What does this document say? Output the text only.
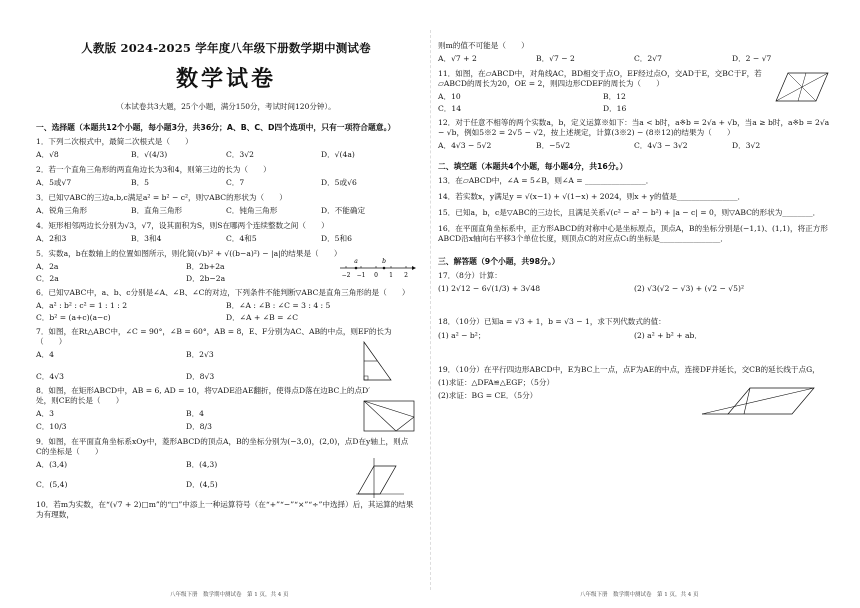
人教版 2024-2025 学年度八年级下册数学期中测试卷
数学试卷
（本试卷共3大题，25个小题，满分150分，考试时间120分钟）。
一、选择题（本题共12个小题，每小题3分，共36分；A、B、C、D四个选项中，只有一项符合题意。）
1．下列二次根式中，最简二次根式是（　　）
A．√8	B．√(4/3)	C．3√2	D．√(4a)
2．若一个直角三角形的两直角边长为3和4，则第三边的长为（　　）
A．5或√7	B．5	C．7	D．5或√6
3．已知▽ABC的三边a,b,c满足a² = b² − c²，则▽ABC的形状为（　　）
A．锐角三角形	B．直角三角形	C．钝角三角形	D．不能确定
4．矩形相邻两边长分别为√3，√7，设其面积为S，则S在哪两个连续整数之间（　　）
A．2和3	B．3和4	C．4和5	D．5和6
5．实数a，b在数轴上的位置如图所示，则化简(√b)² + √((b−a)²) − |a|的结果是（　　）
A．2a	B．2b+2a
C．2a	D．2b−2a	−2 −1 0 1 2
a	b
6．已知▽ABC中，a、b、c分别是∠A、∠B、∠C的对边，下列条件不能判断▽ABC是直角三角形的是（　　）
A．a² : b² : c² = 1 : 1 : 2	B．∠A : ∠B : ∠C = 3 : 4 : 5
C．b² = (a+c)(a−c)	D．∠A + ∠B = ∠C
7．如图，在Rt△ABC中，∠C = 90°，∠B = 60°，AB = 8，E、F分别为AC、AB的中点，则EF的长为（　　）
A．4	B．2√3
C．4√3	D．8√3
8．如图，在矩形ABCD中，AB = 6, AD = 10，将▽ADE沿AE翻折，使得点D落在边BC上的点D′处，则CE的长是（　　）
A．3	B．4
C．10/3	D．8/3
9．如图，在平面直角坐标系xOy中，菱形ABCD的顶点A，B的坐标分别为(−3,0)，(2,0)，点D在y轴上，则点C的坐标是（　　）
A．(3,4)	B．(4,3)
C．(5,4)	D．(4,5)
10．若m为实数，在“(√7 + 2)□m”的“□”中添上一种运算符号（在“+”“−”“×”“÷”中选择）后，其运算的结果为有理数，
八年级下册　数学期中测试卷　第 1 页，共 4 页
则m的值不可能是（　　）
A．√7 + 2	B．√7 − 2	C．2√7	D．2 − √7
11．如图，在▱ABCD中，对角线AC，BD相交于点O，EF经过点O，交AD于E，交BC于F，若▱ABCD的周长为20，OE = 2，则四边形CDEF的周长为（　　）
A．10	B．12
C．14	D．16
12．对于任意不相等的两个实数a，b，定义运算※如下：当a < b时，a※b = 2√a + √b，当a ≥ b时，a※b = 2√a − √b，例如5※2 = 2√5 − √2，按上述规定，计算(3※2) − (8※12)的结果为（　　）
A．4√3 − 5√2	B．−5√2	C．4√3 − 3√2	D．3√2
二、填空题（本题共4个小题，每小题4分，共16分。）
13．在▱ABCD中，∠A = 5∠B，则∠A = ________________．
14．若实数x，y满足y = √(x−1) + √(1−x) + 2024，则x + y的值是________________．
15．已知a，b，c是▽ABC的三边长，且满足关系√(c² − a² − b²) + |a − c| = 0，则▽ABC的形状为________．
16．在平面直角坐标系中，正方形ABCD的对称中心是坐标原点，顶点A，B的坐标分别是(−1,1)、(1,1)，将正方形ABCD沿x轴向右平移3个单位长度，则顶点C的对应点C₁的坐标是________________．
三、解答题（9个小题，共98分。）
17．（8分）计算：
(1) 2√12 − 6√(1/3) + 3√48	(2) √3(√2 − √3) + (√2 − √5)²
18．（10分）已知a = √3 + 1，b = √3 − 1，求下列代数式的值：
(1) a² − b²；	(2) a² + b² + ab．
19．（10分）在平行四边形ABCD中，E为BC上一点，点F为AE的中点，连接DF并延长，交CB的延长线于点G，
(1)求证：△DFA≌△EGF；（5分）
(2)求证：BG = CE．（5分）
八年级下册　数学期中测试卷　第 1 页，共 4 页
